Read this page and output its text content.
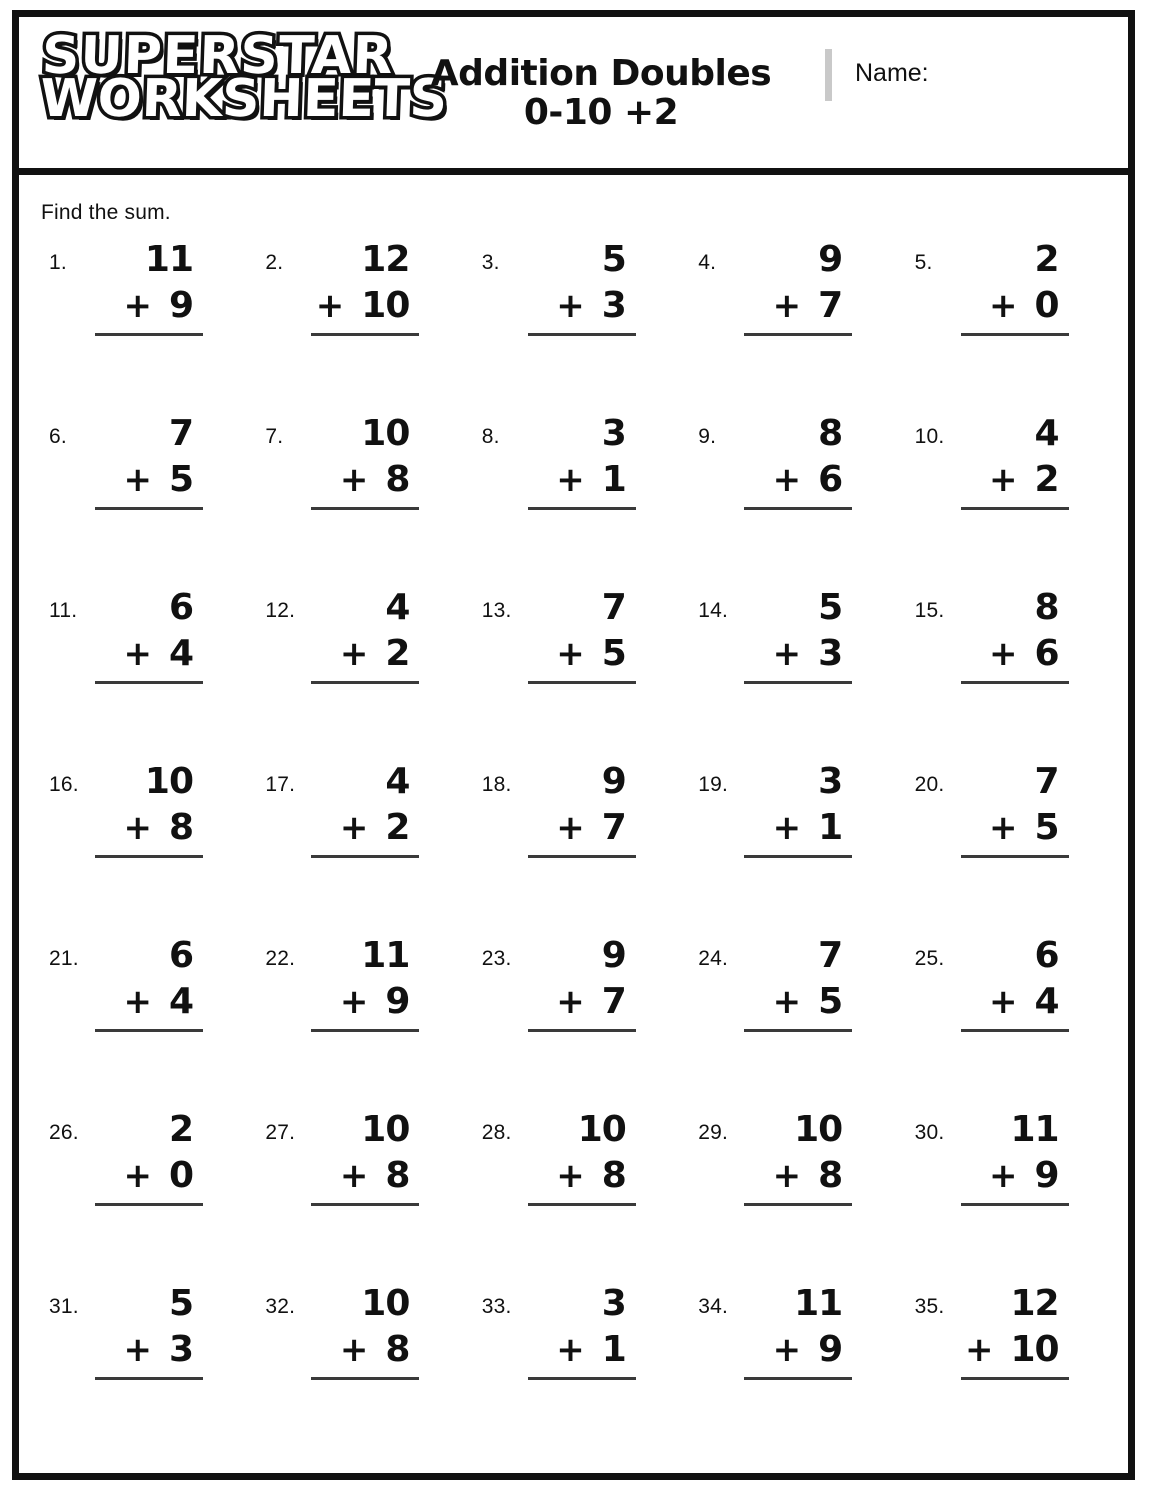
SUPERSTAR
WORKSHEETS
Addition Doubles
0-10 +2
Name:
Find the sum.
1.	11
+ 9
2.	12
+ 10
3.	5
+ 3
4.	9
+ 7
5.	2
+ 0
6.	7
+ 5
7.	10
+ 8
8.	3
+ 1
9.	8
+ 6
10.	4
+ 2
11.	6
+ 4
12.	4
+ 2
13.	7
+ 5
14.	5
+ 3
15.	8
+ 6
16.	10
+ 8
17.	4
+ 2
18.	9
+ 7
19.	3
+ 1
20.	7
+ 5
21.	6
+ 4
22.	11
+ 9
23.	9
+ 7
24.	7
+ 5
25.	6
+ 4
26.	2
+ 0
27.	10
+ 8
28.	10
+ 8
29.	10
+ 8
30.	11
+ 9
31.	5
+ 3
32.	10
+ 8
33.	3
+ 1
34.	11
+ 9
35.	12
+ 10
